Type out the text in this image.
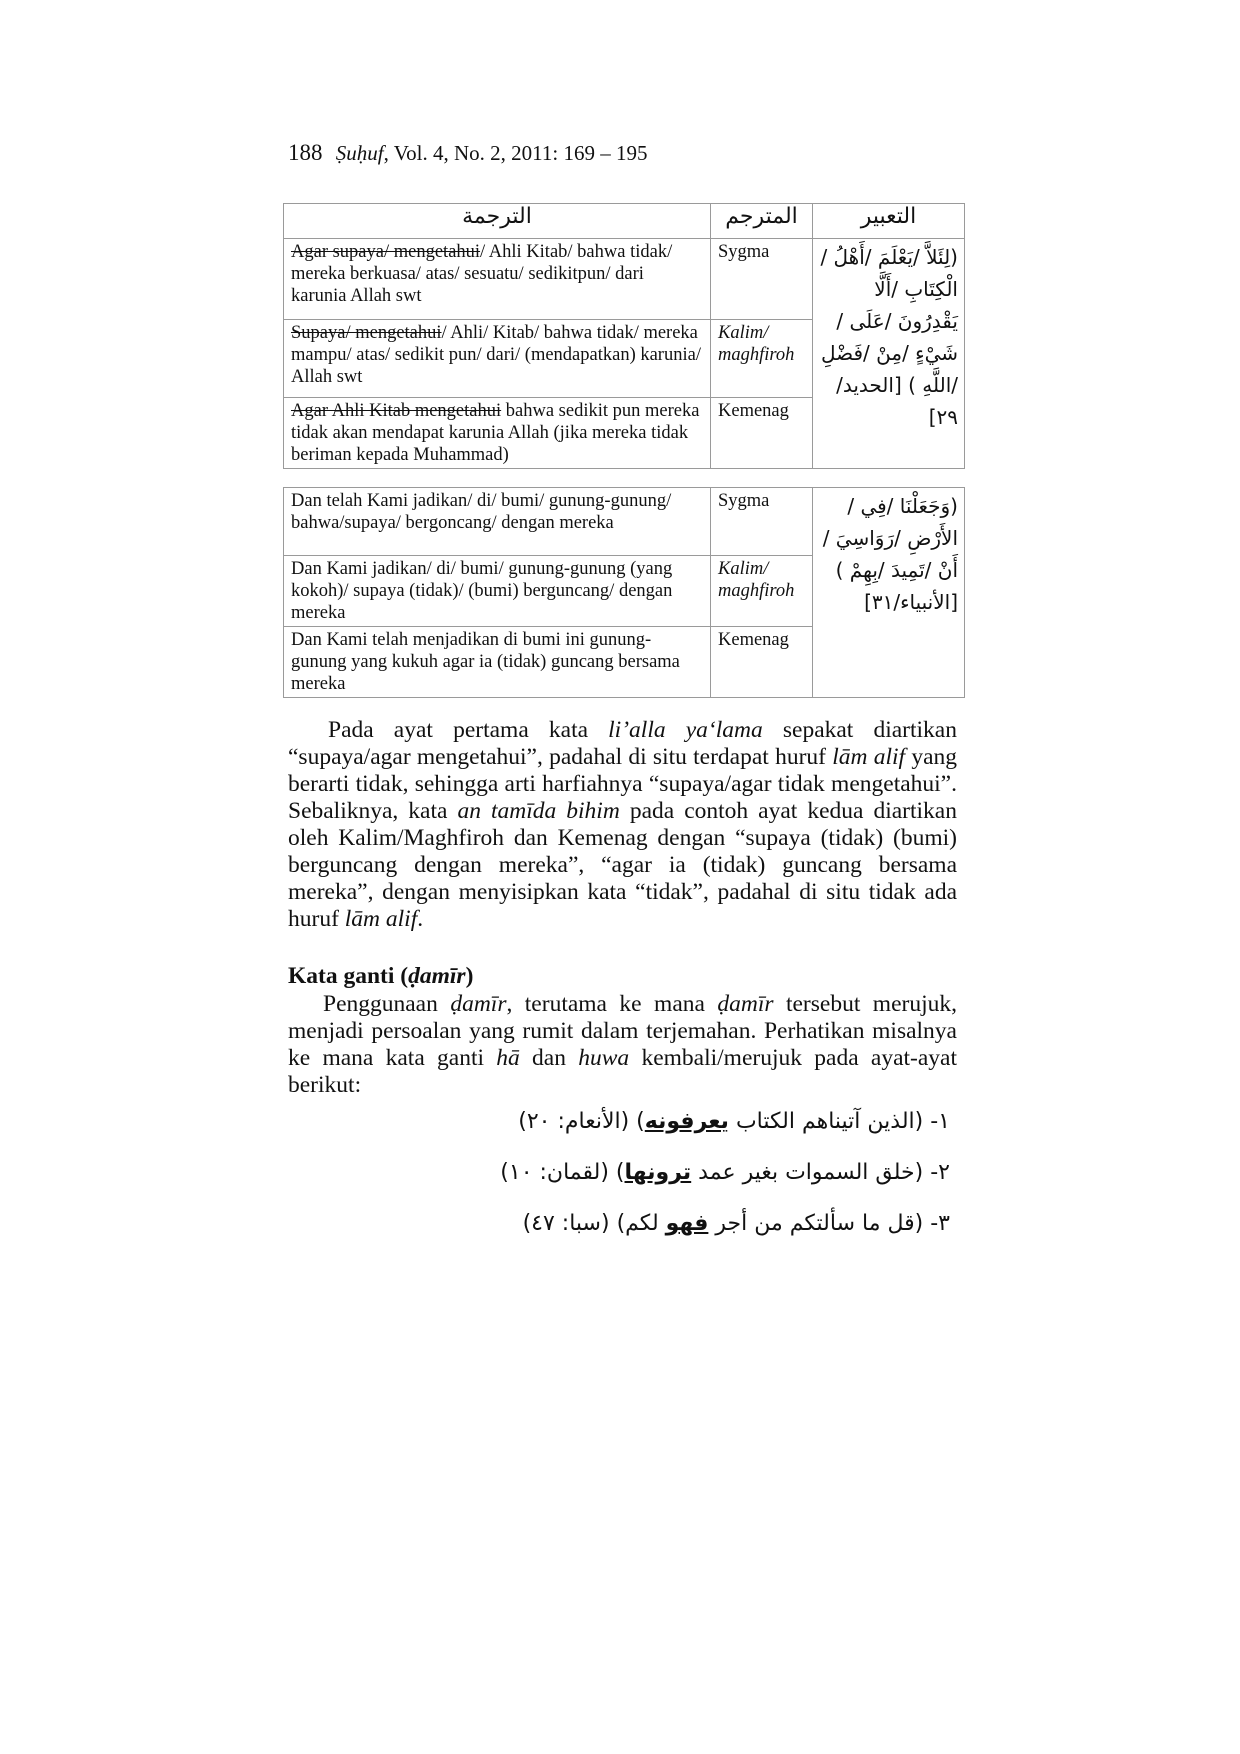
188 Ṣuḥuf, Vol. 4, No. 2, 2011: 169 – 195
الترجمة	المترجم	التعبير
Agar supaya/ mengetahui/ Ahli Kitab/ bahwa tidak/ mereka berkuasa/ atas/ sesuatu/ sedikitpun/ dari karunia Allah swt	Sygma	(لِئَلاَّ /يَعْلَمَ /أَهْلُ /الْكِتَابِ /أَلَّا يَقْدِرُونَ /عَلَى /شَيْءٍ /مِنْ /فَضْلِ /اللَّهِ ) [الحديد/٢٩]
Supaya/ mengetahui/ Ahli/ Kitab/ bahwa tidak/ mereka mampu/ atas/ sedikit pun/ dari/ (mendapatkan) karunia/ Allah swt	Kalim/ maghfiroh	
Agar Ahli Kitab mengetahui bahwa sedikit pun mereka tidak akan mendapat karunia Allah (jika mereka tidak beriman kepada Muhammad)	Kemenag	
Dan telah Kami jadikan/ di/ bumi/ gunung-gunung/ bahwa/supaya/ bergoncang/ dengan mereka	Sygma	(وَجَعَلْنَا /فِي /الأَرْضِ /رَوَاسِيَ /أَنْ /تَمِيدَ /بِهِمْ ) [الأنبياء/٣١]
Dan Kami jadikan/ di/ bumi/ gunung-gunung (yang kokoh)/ supaya (tidak)/ (bumi) berguncang/ dengan mereka	Kalim/ maghfiroh	
Dan Kami telah menjadikan di bumi ini gunung-gunung yang kukuh agar ia (tidak) guncang bersama mereka	Kemenag	

Pada ayat pertama kata li’alla ya‘lama sepakat diartikan “supaya/agar mengetahui”, padahal di situ terdapat huruf lām alif yang berarti tidak, sehingga arti harfiahnya “supaya/agar tidak mengetahui”. Sebaliknya, kata an tamīda bihim pada contoh ayat kedua diartikan oleh Kalim/Maghfiroh dan Kemenag dengan “supaya (tidak) (bumi) berguncang dengan mereka”, “agar ia (tidak) guncang bersama mereka”, dengan menyisipkan kata “tidak”, padahal di situ tidak ada huruf lām alif.

Kata ganti (ḍamīr)

Penggunaan ḍamīr, terutama ke mana ḍamīr tersebut merujuk, menjadi persoalan yang rumit dalam terjemahan. Perhatikan misalnya ke mana kata ganti hā dan huwa kembali/merujuk pada ayat-ayat berikut:

١- (الذين آتيناهم الكتاب يعرفونه) (الأنعام: ٢٠)
٢- (خلق السموات بغير عمد ترونها) (لقمان: ١٠)
٣- (قل ما سألتكم من أجر فهو لكم) (سبا: ٤٧)
